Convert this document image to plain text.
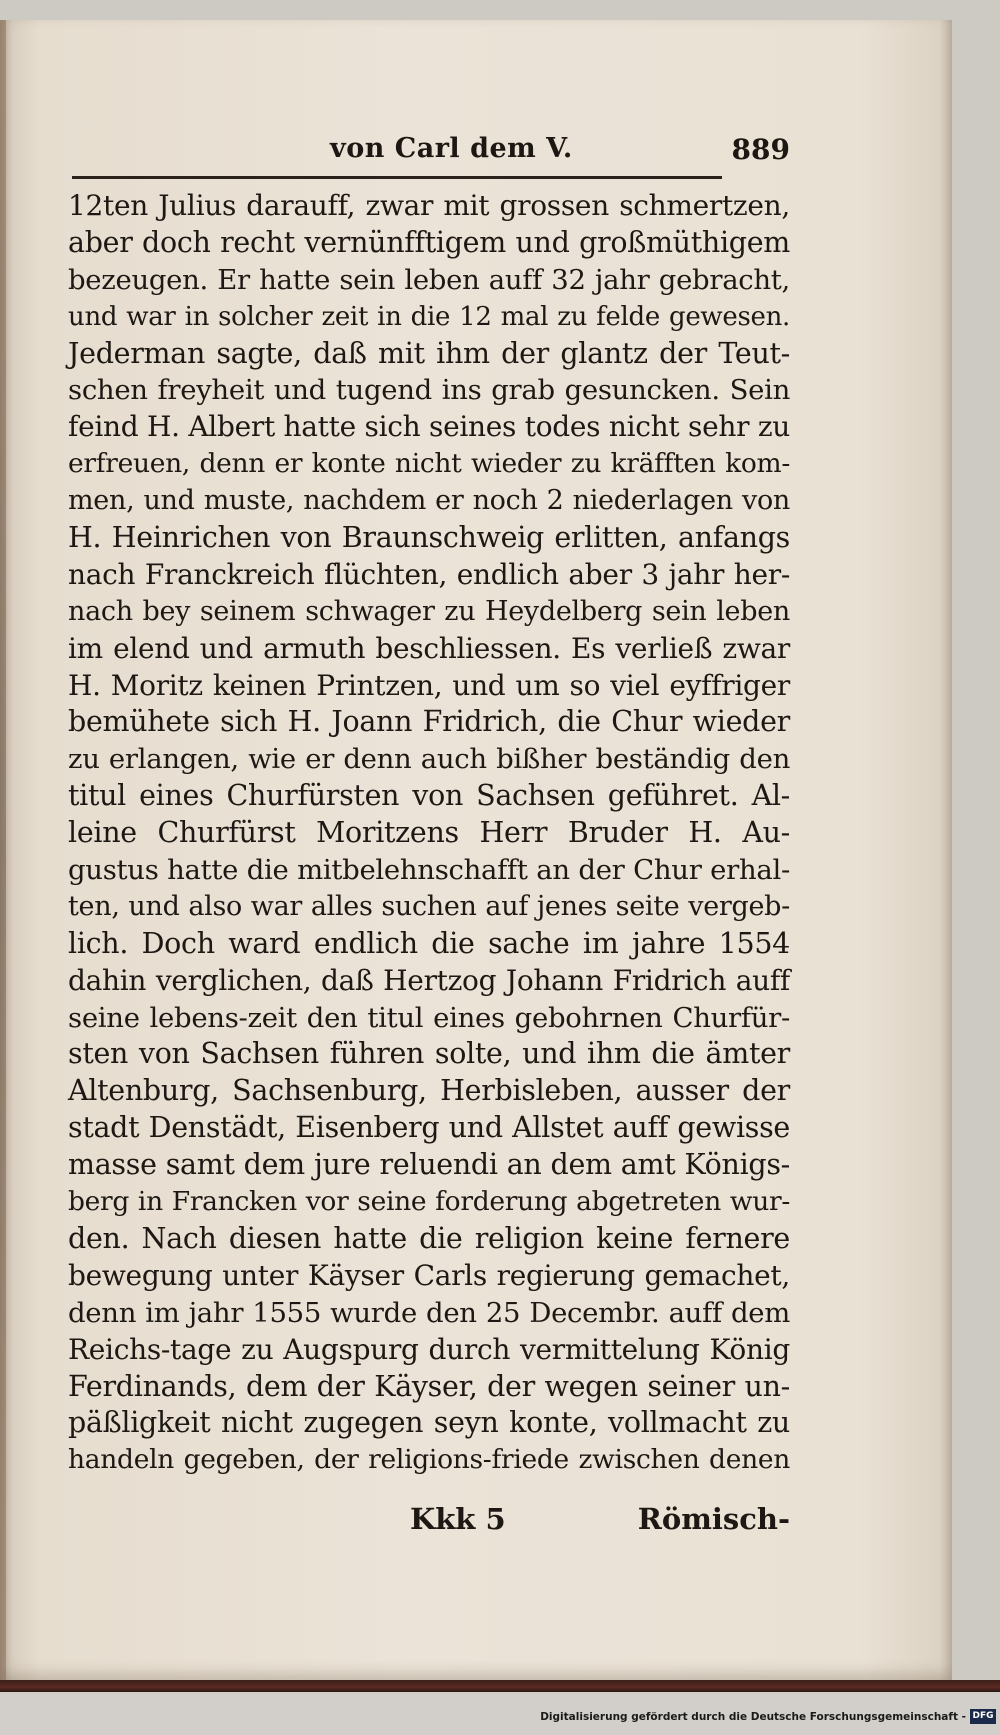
von Carl dem V.	889
12ten Julius darauff, zwar mit grossen schmertzen,
aber doch recht vernünfftigem und großmüthigem
bezeugen. Er hatte sein leben auff 32 jahr gebracht,
und war in solcher zeit in die 12 mal zu felde gewesen.
Jederman sagte, daß mit ihm der glantz der Teut-
schen freyheit und tugend ins grab gesuncken. Sein
feind H. Albert hatte sich seines todes nicht sehr zu
erfreuen, denn er konte nicht wieder zu kräfften kom-
men, und muste, nachdem er noch 2 niederlagen von
H. Heinrichen von Braunschweig erlitten, anfangs
nach Franckreich flüchten, endlich aber 3 jahr her-
nach bey seinem schwager zu Heydelberg sein leben
im elend und armuth beschliessen. Es verließ zwar
H. Moritz keinen Printzen, und um so viel eyffriger
bemühete sich H. Joann Fridrich, die Chur wieder
zu erlangen, wie er denn auch bißher beständig den
titul eines Churfürsten von Sachsen geführet. Al-
leine Churfürst Moritzens Herr Bruder H. Au-
gustus hatte die mitbelehnschafft an der Chur erhal-
ten, und also war alles suchen auf jenes seite vergeb-
lich. Doch ward endlich die sache im jahre 1554
dahin verglichen, daß Hertzog Johann Fridrich auff
seine lebens-zeit den titul eines gebohrnen Churfür-
sten von Sachsen führen solte, und ihm die ämter
Altenburg, Sachsenburg, Herbisleben, ausser der
stadt Denstädt, Eisenberg und Allstet auff gewisse
masse samt dem jure reluendi an dem amt Königs-
berg in Francken vor seine forderung abgetreten wur-
den. Nach diesen hatte die religion keine fernere
bewegung unter Käyser Carls regierung gemachet,
denn im jahr 1555 wurde den 25 Decembr. auff dem
Reichs-tage zu Augspurg durch vermittelung König
Ferdinands, dem der Käyser, der wegen seiner un-
päßligkeit nicht zugegen seyn konte, vollmacht zu
handeln gegeben, der religions-friede zwischen denen
Kkk 5	Römisch-
Digitalisierung gefördert durch die Deutsche Forschungsgemeinschaft - DFG
